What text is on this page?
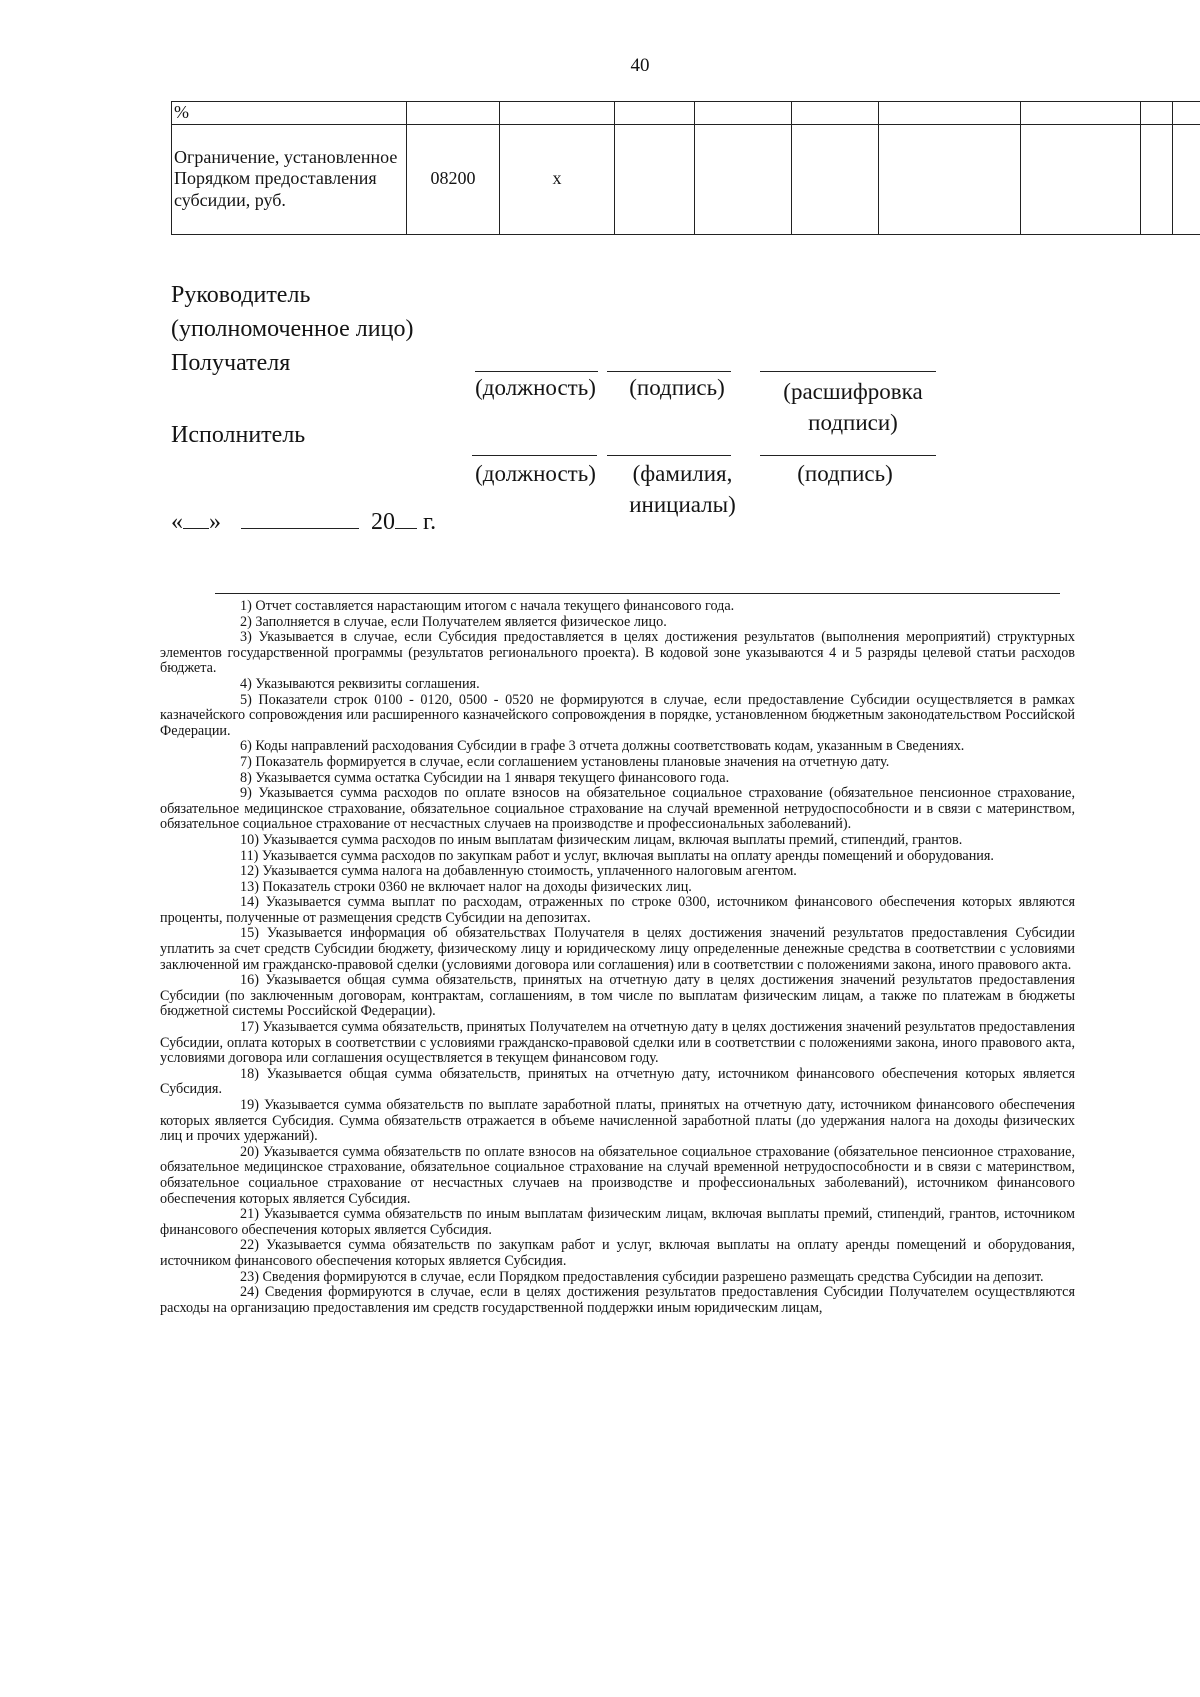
40
%									
Ограничение, установленное Порядком предоставления субсидии, руб.	08200	x							
Руководитель (уполномоченное лицо) Получателя
(должность)	(подпись)	(расшифровка подписи)
Исполнитель
(должность)	(фамилия, инициалы)
(подпись)
« »	20 г.

1) Отчет составляется нарастающим итогом с начала текущего финансового года.

2) Заполняется в случае, если Получателем является физическое лицо.

3) Указывается в случае, если Субсидия предоставляется в целях достижения результатов (выполнения мероприятий) структурных элементов государственной программы (результатов регионального проекта). В кодовой зоне указываются 4 и 5 разряды целевой статьи расходов бюджета.

4) Указываются реквизиты соглашения.

5) Показатели строк 0100 - 0120, 0500 - 0520 не формируются в случае, если предоставление Субсидии осуществляется в рамках казначейского сопровождения или расширенного казначейского сопровождения в порядке, установленном бюджетным законодательством Российской Федерации.

6) Коды направлений расходования Субсидии в графе 3 отчета должны соответствовать кодам, указанным в Сведениях.

7) Показатель формируется в случае, если соглашением установлены плановые значения на отчетную дату.

8) Указывается сумма остатка Субсидии на 1 января текущего финансового года.

9) Указывается сумма расходов по оплате взносов на обязательное социальное страхование (обязательное пенсионное страхование, обязательное медицинское страхование, обязательное социальное страхование на случай временной нетрудоспособности и в связи с материнством, обязательное социальное страхование от несчастных случаев на производстве и профессиональных заболеваний).

10) Указывается сумма расходов по иным выплатам физическим лицам, включая выплаты премий, стипендий, грантов.

11) Указывается сумма расходов по закупкам работ и услуг, включая выплаты на оплату аренды помещений и оборудования.

12) Указывается сумма налога на добавленную стоимость, уплаченного налоговым агентом.

13) Показатель строки 0360 не включает налог на доходы физических лиц.

14) Указывается сумма выплат по расходам, отраженных по строке 0300, источником финансового обеспечения которых являются проценты, полученные от размещения средств Субсидии на депозитах.

15) Указывается информация об обязательствах Получателя в целях достижения значений результатов предоставления Субсидии уплатить за счет средств Субсидии бюджету, физическому лицу и юридическому лицу определенные денежные средства в соответствии с условиями заключенной им гражданско-правовой сделки (условиями договора или соглашения) или в соответствии с положениями закона, иного правового акта.

16) Указывается общая сумма обязательств, принятых на отчетную дату в целях достижения значений результатов предоставления Субсидии (по заключенным договорам, контрактам, соглашениям, в том числе по выплатам физическим лицам, а также по платежам в бюджеты бюджетной системы Российской Федерации).

17) Указывается сумма обязательств, принятых Получателем на отчетную дату в целях достижения значений результатов предоставления Субсидии, оплата которых в соответствии с условиями гражданско-правовой сделки или в соответствии с положениями закона, иного правового акта, условиями договора или соглашения осуществляется в текущем финансовом году.

18) Указывается общая сумма обязательств, принятых на отчетную дату, источником финансового обеспечения которых является Субсидия.

19) Указывается сумма обязательств по выплате заработной платы, принятых на отчетную дату, источником финансового обеспечения которых является Субсидия. Сумма обязательств отражается в объеме начисленной заработной платы (до удержания налога на доходы физических лиц и прочих удержаний).

20) Указывается сумма обязательств по оплате взносов на обязательное социальное страхование (обязательное пенсионное страхование, обязательное медицинское страхование, обязательное социальное страхование на случай временной нетрудоспособности и в связи с материнством, обязательное социальное страхование от несчастных случаев на производстве и профессиональных заболеваний), источником финансового обеспечения которых является Субсидия.

21) Указывается сумма обязательств по иным выплатам физическим лицам, включая выплаты премий, стипендий, грантов, источником финансового обеспечения которых является Субсидия.

22) Указывается сумма обязательств по закупкам работ и услуг, включая выплаты на оплату аренды помещений и оборудования, источником финансового обеспечения которых является Субсидия.

23) Сведения формируются в случае, если Порядком предоставления субсидии разрешено размещать средства Субсидии на депозит.

24) Сведения формируются в случае, если в целях достижения результатов предоставления Субсидии Получателем осуществляются расходы на организацию предоставления им средств государственной поддержки иным юридическим лицам,
